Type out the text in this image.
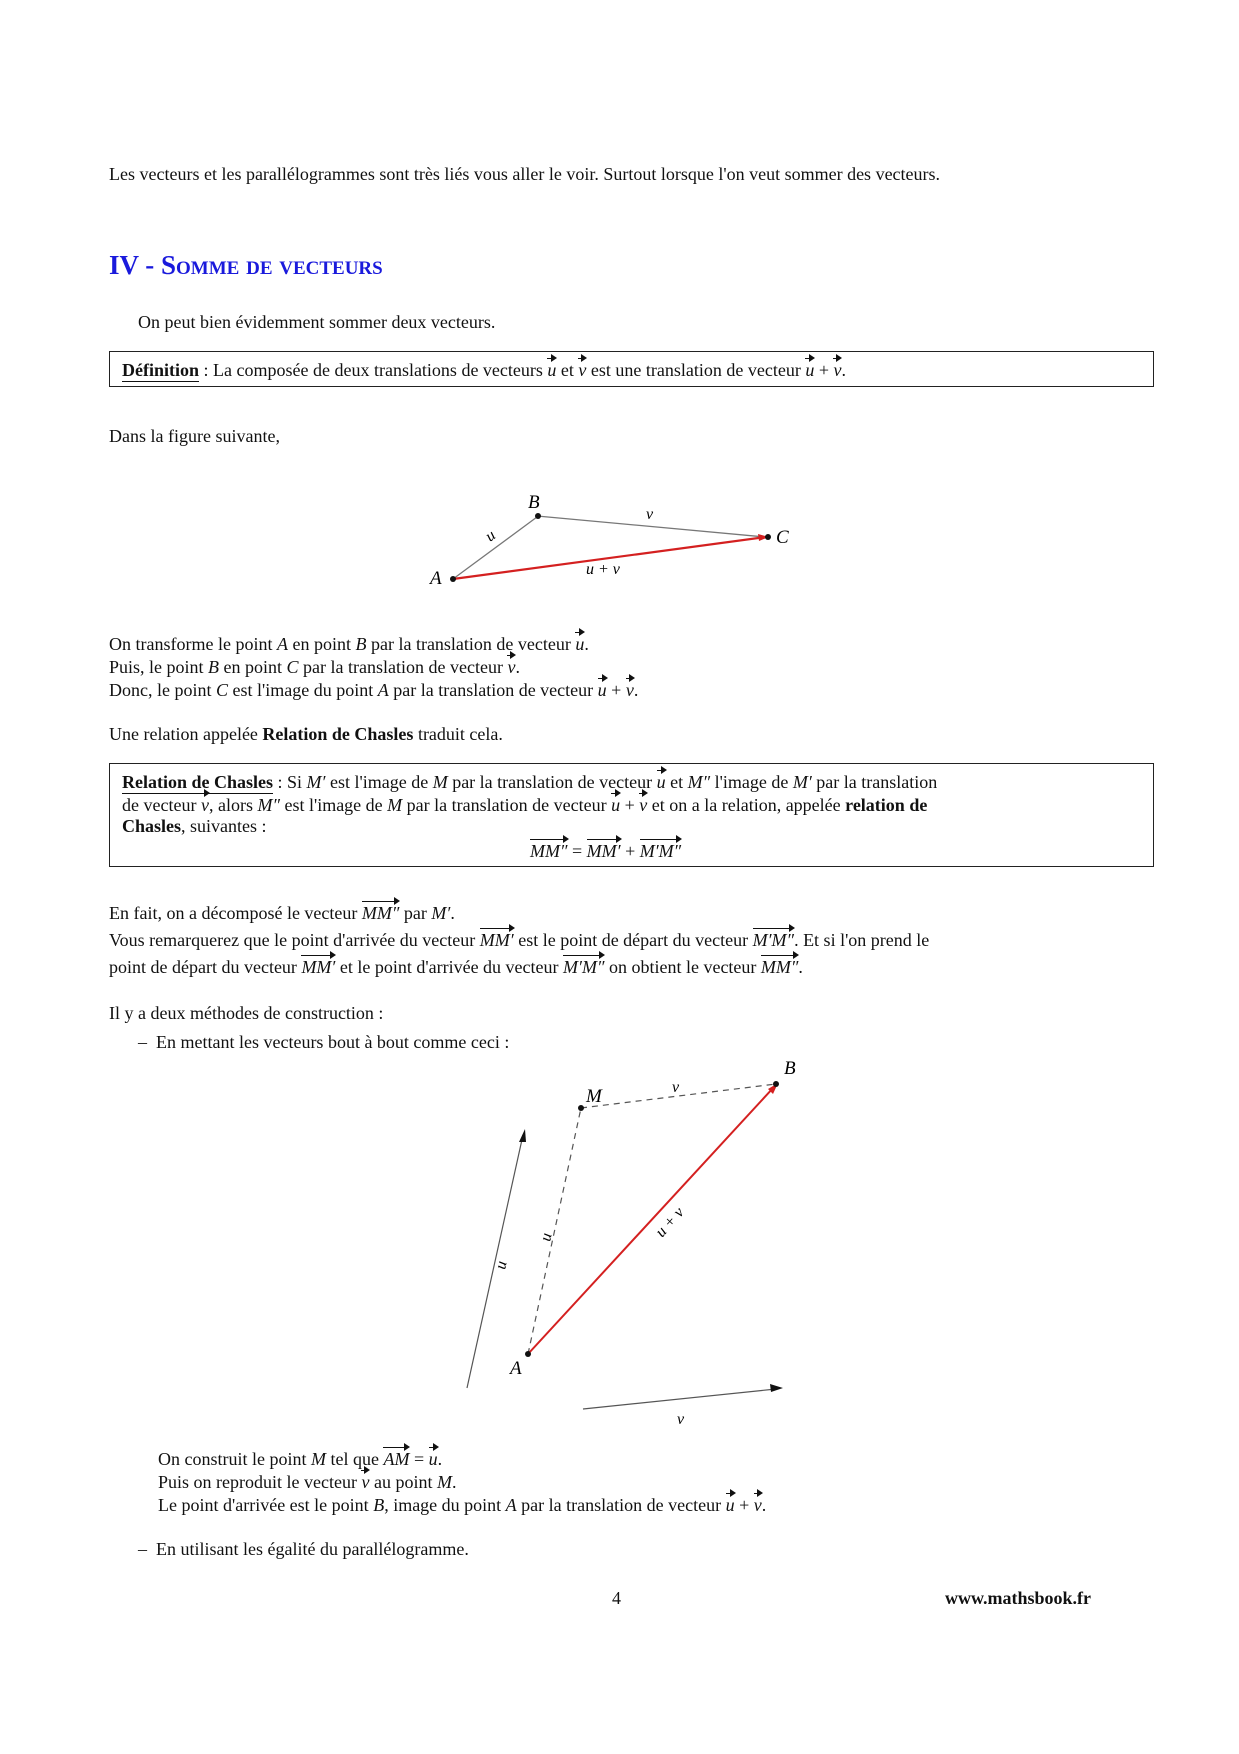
Les vecteurs et les parallélogrammes sont très liés vous aller le voir. Surtout lorsque l'on veut sommer des vecteurs.
IV - Somme de vecteurs
On peut bien évidemment sommer deux vecteurs.
Définition : La composée de deux translations de vecteurs u et v est une translation de vecteur u + v.
Dans la figure suivante,
A
B
C
u
v
u + v
On transforme le point A en point B par la translation de vecteur u.
Puis, le point B en point C par la translation de vecteur v.
Donc, le point C est l'image du point A par la translation de vecteur u + v.
Une relation appelée Relation de Chasles traduit cela.
Relation de Chasles : Si M′ est l'image de M par la translation de vecteur u et M″ l'image de M′ par la translation
de vecteur v, alors M″ est l'image de M par la translation de vecteur u + v et on a la relation, appelée relation de
Chasles, suivantes :
MM″ = MM′ + M′M″
En fait, on a décomposé le vecteur MM″ par M′.
Vous remarquerez que le point d'arrivée du vecteur MM′ est le point de départ du vecteur M′M″. Et si l'on prend le
point de départ du vecteur MM′ et le point d'arrivée du vecteur M′M″ on obtient le vecteur MM″.
Il y a deux méthodes de construction :
– En mettant les vecteurs bout à bout comme ceci :
u
u
v
u + v
A
M
B
v
On construit le point M tel que AM = u.
Puis on reproduit le vecteur v au point M.
Le point d'arrivée est le point B, image du point A par la translation de vecteur u + v.
– En utilisant les égalité du parallélogramme.
4	www.mathsbook.fr
